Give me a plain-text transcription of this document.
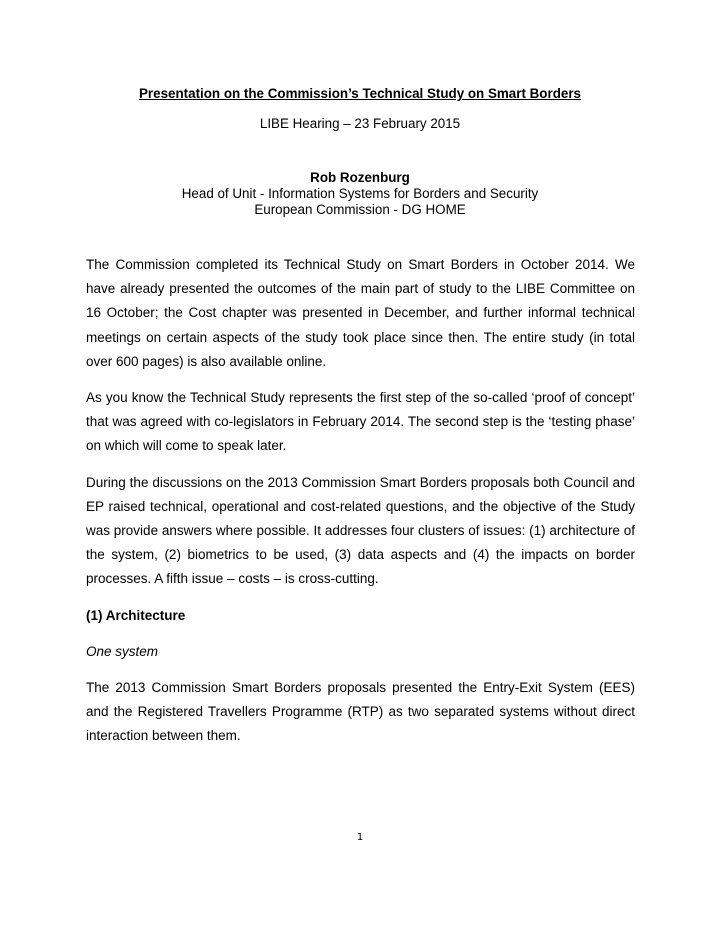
Presentation on the Commission’s Technical Study on Smart Borders
LIBE Hearing – 23 February 2015
Rob Rozenburg
Head of Unit - Information Systems for Borders and Security
European Commission - DG HOME

The Commission completed its Technical Study on Smart Borders in October 2014. We have already presented the outcomes of the main part of study to the LIBE Committee on 16 October; the Cost chapter was presented in December, and further informal technical meetings on certain aspects of the study took place since then. The entire study (in total over 600 pages) is also available online.

As you know the Technical Study represents the first step of the so-called ‘proof of concept’ that was agreed with co-legislators in February 2014. The second step is the ‘testing phase’ on which will come to speak later.

During the discussions on the 2013 Commission Smart Borders proposals both Council and EP raised technical, operational and cost-related questions, and the objective of the Study was provide answers where possible. It addresses four clusters of issues: (1) architecture of the system, (2) biometrics to be used, (3) data aspects and (4) the impacts on border processes. A fifth issue – costs – is cross-cutting.

(1) Architecture
One system

The 2013 Commission Smart Borders proposals presented the Entry-Exit System (EES) and the Registered Travellers Programme (RTP) as two separated systems without direct interaction between them.

1
